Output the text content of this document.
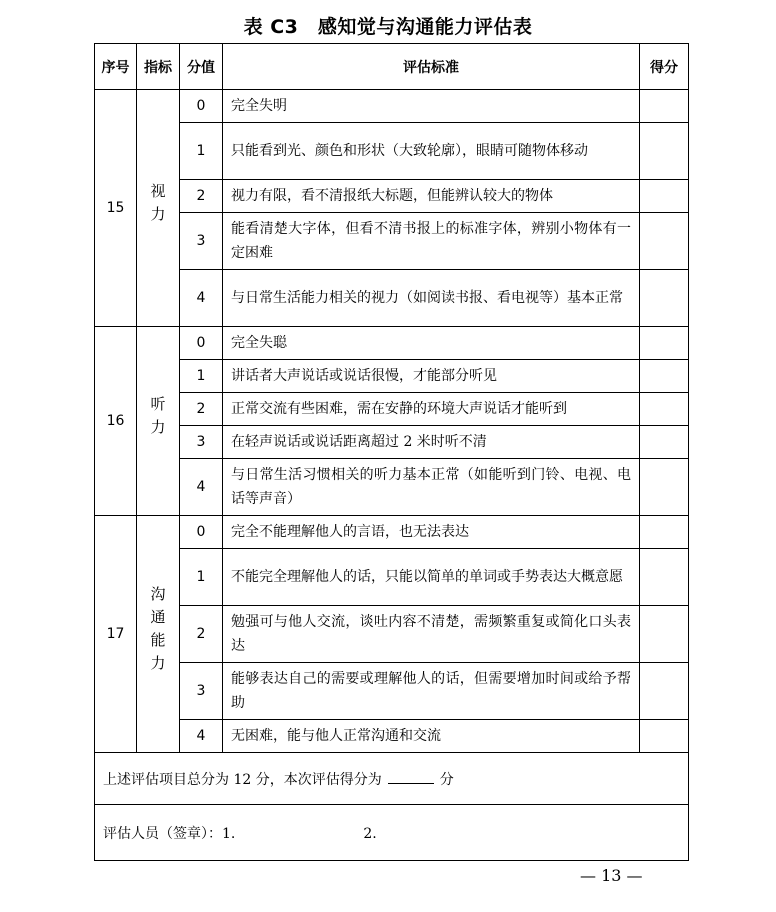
表 C3　感知觉与沟通能力评估表
序号	指标	分值	评估标准	得分
15	视力	0	完全失明	
		1	只能看到光、颜色和形状（大致轮廓），眼睛可随物体移动	
		2	视力有限，看不清报纸大标题，但能辨认较大的物体	
		3	能看清楚大字体，但看不清书报上的标准字体，辨别小物体有一定困难	
		4	与日常生活能力相关的视力（如阅读书报、看电视等）基本正常	
16	听力	0	完全失聪	
		1	讲话者大声说话或说话很慢，才能部分听见	
		2	正常交流有些困难，需在安静的环境大声说话才能听到	
		3	在轻声说话或说话距离超过 2 米时听不清	
		4	与日常生活习惯相关的听力基本正常（如能听到门铃、电视、电话等声音）	
17	沟通能力	0	完全不能理解他人的言语，也无法表达	
		1	不能完全理解他人的话，只能以简单的单词或手势表达大概意愿	
		2	勉强可与他人交流，谈吐内容不清楚，需频繁重复或简化口头表达	
		3	能够表达自己的需要或理解他人的话，但需要增加时间或给予帮助	
		4	无困难，能与他人正常沟通和交流	
上述评估项目总分为 12 分，本次评估得分为 分				
评估人员（签章）：1. 2.				
— 13 —
